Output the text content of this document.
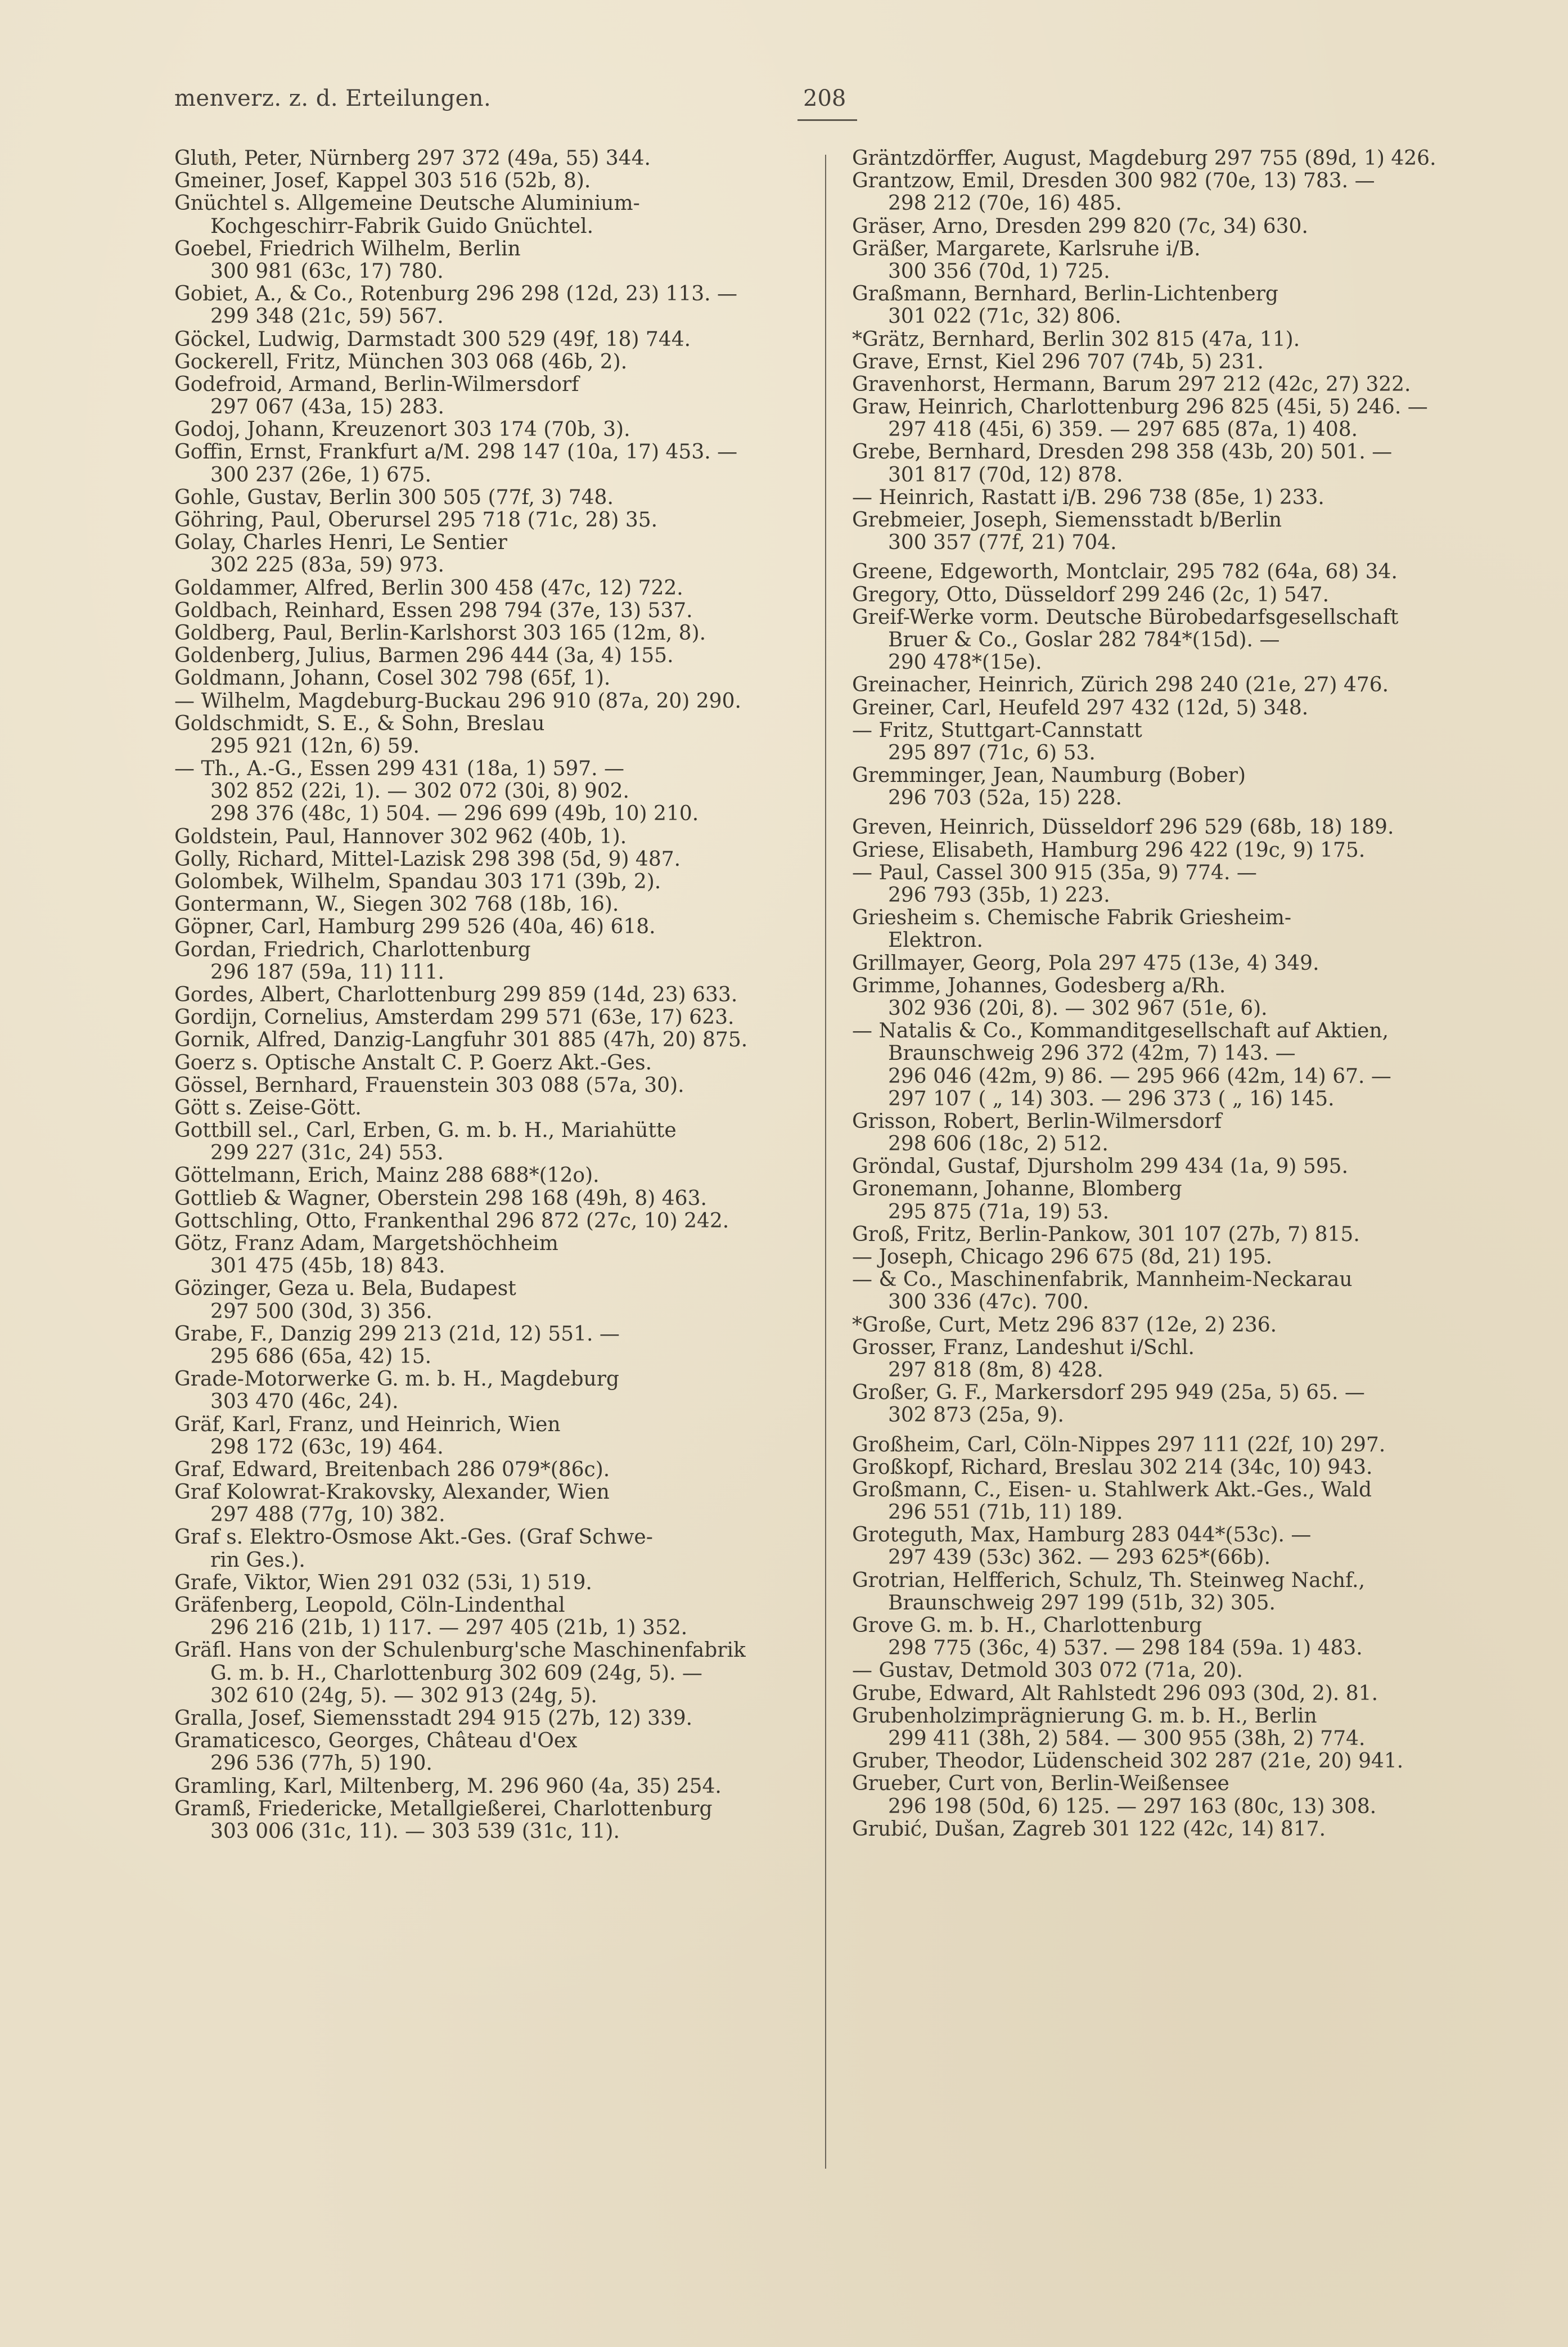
menverz. z. d. Erteilungen.	208
Gluth, Peter, Nürnberg 297 372 (49a, 55) 344.
Gmeiner, Josef, Kappel 303 516 (52b, 8).
Gnüchtel s. Allgemeine Deutsche Aluminium-
Kochgeschirr-Fabrik Guido Gnüchtel.
Goebel, Friedrich Wilhelm, Berlin
300 981 (63c, 17) 780.
Gobiet, A., & Co., Rotenburg 296 298 (12d, 23) 113. —
299 348 (21c, 59) 567.
Göckel, Ludwig, Darmstadt 300 529 (49f, 18) 744.
Gockerell, Fritz, München 303 068 (46b, 2).
Godefroid, Armand, Berlin-Wilmersdorf
297 067 (43a, 15) 283.
Godoj, Johann, Kreuzenort 303 174 (70b, 3).
Goffin, Ernst, Frankfurt a/M. 298 147 (10a, 17) 453. —
300 237 (26e, 1) 675.
Gohle, Gustav, Berlin 300 505 (77f, 3) 748.
Göhring, Paul, Oberursel 295 718 (71c, 28) 35.
Golay, Charles Henri, Le Sentier
302 225 (83a, 59) 973.
Goldammer, Alfred, Berlin 300 458 (47c, 12) 722.
Goldbach, Reinhard, Essen 298 794 (37e, 13) 537.
Goldberg, Paul, Berlin-Karlshorst 303 165 (12m, 8).
Goldenberg, Julius, Barmen 296 444 (3a, 4) 155.
Goldmann, Johann, Cosel 302 798 (65f, 1).
— Wilhelm, Magdeburg-Buckau 296 910 (87a, 20) 290.
Goldschmidt, S. E., & Sohn, Breslau
295 921 (12n, 6) 59.
— Th., A.-G., Essen 299 431 (18a, 1) 597. —
302 852 (22i, 1). — 302 072 (30i, 8) 902.
298 376 (48c, 1) 504. — 296 699 (49b, 10) 210.
Goldstein, Paul, Hannover 302 962 (40b, 1).
Golly, Richard, Mittel-Lazisk 298 398 (5d, 9) 487.
Golombek, Wilhelm, Spandau 303 171 (39b, 2).
Gontermann, W., Siegen 302 768 (18b, 16).
Göpner, Carl, Hamburg 299 526 (40a, 46) 618.
Gordan, Friedrich, Charlottenburg
296 187 (59a, 11) 111.
Gordes, Albert, Charlottenburg 299 859 (14d, 23) 633.
Gordijn, Cornelius, Amsterdam 299 571 (63e, 17) 623.
Gornik, Alfred, Danzig-Langfuhr 301 885 (47h, 20) 875.
Goerz s. Optische Anstalt C. P. Goerz Akt.-Ges.
Gössel, Bernhard, Frauenstein 303 088 (57a, 30).
Gött s. Zeise-Gött.
Gottbill sel., Carl, Erben, G. m. b. H., Mariahütte
299 227 (31c, 24) 553.
Göttelmann, Erich, Mainz 288 688*(12o).
Gottlieb & Wagner, Oberstein 298 168 (49h, 8) 463.
Gottschling, Otto, Frankenthal 296 872 (27c, 10) 242.
Götz, Franz Adam, Margetshöchheim
301 475 (45b, 18) 843.
Gözinger, Geza u. Bela, Budapest
297 500 (30d, 3) 356.
Grabe, F., Danzig 299 213 (21d, 12) 551. —
295 686 (65a, 42) 15.
Grade-Motorwerke G. m. b. H., Magdeburg
303 470 (46c, 24).
Gräf, Karl, Franz, und Heinrich, Wien
298 172 (63c, 19) 464.
Graf, Edward, Breitenbach 286 079*(86c).
Graf Kolowrat-Krakovsky, Alexander, Wien
297 488 (77g, 10) 382.
Graf s. Elektro-Osmose Akt.-Ges. (Graf Schwe-
rin Ges.).
Grafe, Viktor, Wien 291 032 (53i, 1) 519.
Gräfenberg, Leopold, Cöln-Lindenthal
296 216 (21b, 1) 117. — 297 405 (21b, 1) 352.
Gräfl. Hans von der Schulenburg'sche Maschinenfabrik
G. m. b. H., Charlottenburg 302 609 (24g, 5). —
302 610 (24g, 5). — 302 913 (24g, 5).
Gralla, Josef, Siemensstadt 294 915 (27b, 12) 339.
Gramaticesco, Georges, Château d'Oex
296 536 (77h, 5) 190.
Gramling, Karl, Miltenberg, M. 296 960 (4a, 35) 254.
Gramß, Friedericke, Metallgießerei, Charlottenburg
303 006 (31c, 11). — 303 539 (31c, 11).
Gräntzdörffer, August, Magdeburg 297 755 (89d, 1) 426.
Grantzow, Emil, Dresden 300 982 (70e, 13) 783. —
298 212 (70e, 16) 485.
Gräser, Arno, Dresden 299 820 (7c, 34) 630.
Gräßer, Margarete, Karlsruhe i/B.
300 356 (70d, 1) 725.
Graßmann, Bernhard, Berlin-Lichtenberg
301 022 (71c, 32) 806.
*Grätz, Bernhard, Berlin 302 815 (47a, 11).
Grave, Ernst, Kiel 296 707 (74b, 5) 231.
Gravenhorst, Hermann, Barum 297 212 (42c, 27) 322.
Graw, Heinrich, Charlottenburg 296 825 (45i, 5) 246. —
297 418 (45i, 6) 359. — 297 685 (87a, 1) 408.
Grebe, Bernhard, Dresden 298 358 (43b, 20) 501. —
301 817 (70d, 12) 878.
— Heinrich, Rastatt i/B. 296 738 (85e, 1) 233.
Grebmeier, Joseph, Siemensstadt b/Berlin
300 357 (77f, 21) 704.
Greene, Edgeworth, Montclair, 295 782 (64a, 68) 34.
Gregory, Otto, Düsseldorf 299 246 (2c, 1) 547.
Greif-Werke vorm. Deutsche Bürobedarfsgesellschaft
Bruer & Co., Goslar 282 784*(15d). —
290 478*(15e).
Greinacher, Heinrich, Zürich 298 240 (21e, 27) 476.
Greiner, Carl, Heufeld 297 432 (12d, 5) 348.
— Fritz, Stuttgart-Cannstatt
295 897 (71c, 6) 53.
Gremminger, Jean, Naumburg (Bober)
296 703 (52a, 15) 228.
Greven, Heinrich, Düsseldorf 296 529 (68b, 18) 189.
Griese, Elisabeth, Hamburg 296 422 (19c, 9) 175.
— Paul, Cassel 300 915 (35a, 9) 774. —
296 793 (35b, 1) 223.
Griesheim s. Chemische Fabrik Griesheim-
Elektron.
Grillmayer, Georg, Pola 297 475 (13e, 4) 349.
Grimme, Johannes, Godesberg a/Rh.
302 936 (20i, 8). — 302 967 (51e, 6).
— Natalis & Co., Kommanditgesellschaft auf Aktien,
Braunschweig 296 372 (42m, 7) 143. —
296 046 (42m, 9) 86. — 295 966 (42m, 14) 67. —
297 107 ( „ 14) 303. — 296 373 ( „ 16) 145.
Grisson, Robert, Berlin-Wilmersdorf
298 606 (18c, 2) 512.
Gröndal, Gustaf, Djursholm 299 434 (1a, 9) 595.
Gronemann, Johanne, Blomberg
295 875 (71a, 19) 53.
Groß, Fritz, Berlin-Pankow, 301 107 (27b, 7) 815.
— Joseph, Chicago 296 675 (8d, 21) 195.
— & Co., Maschinenfabrik, Mannheim-Neckarau
300 336 (47c). 700.
*Große, Curt, Metz 296 837 (12e, 2) 236.
Grosser, Franz, Landeshut i/Schl.
297 818 (8m, 8) 428.
Großer, G. F., Markersdorf 295 949 (25a, 5) 65. —
302 873 (25a, 9).
Großheim, Carl, Cöln-Nippes 297 111 (22f, 10) 297.
Großkopf, Richard, Breslau 302 214 (34c, 10) 943.
Großmann, C., Eisen- u. Stahlwerk Akt.-Ges., Wald
296 551 (71b, 11) 189.
Groteguth, Max, Hamburg 283 044*(53c). —
297 439 (53c) 362. — 293 625*(66b).
Grotrian, Helfferich, Schulz, Th. Steinweg Nachf.,
Braunschweig 297 199 (51b, 32) 305.
Grove G. m. b. H., Charlottenburg
298 775 (36c, 4) 537. — 298 184 (59a. 1) 483.
— Gustav, Detmold 303 072 (71a, 20).
Grube, Edward, Alt Rahlstedt 296 093 (30d, 2). 81.
Grubenholzimprägnierung G. m. b. H., Berlin
299 411 (38h, 2) 584. — 300 955 (38h, 2) 774.
Gruber, Theodor, Lüdenscheid 302 287 (21e, 20) 941.
Grueber, Curt von, Berlin-Weißensee
296 198 (50d, 6) 125. — 297 163 (80c, 13) 308.
Grubić, Dušan, Zagreb 301 122 (42c, 14) 817.
